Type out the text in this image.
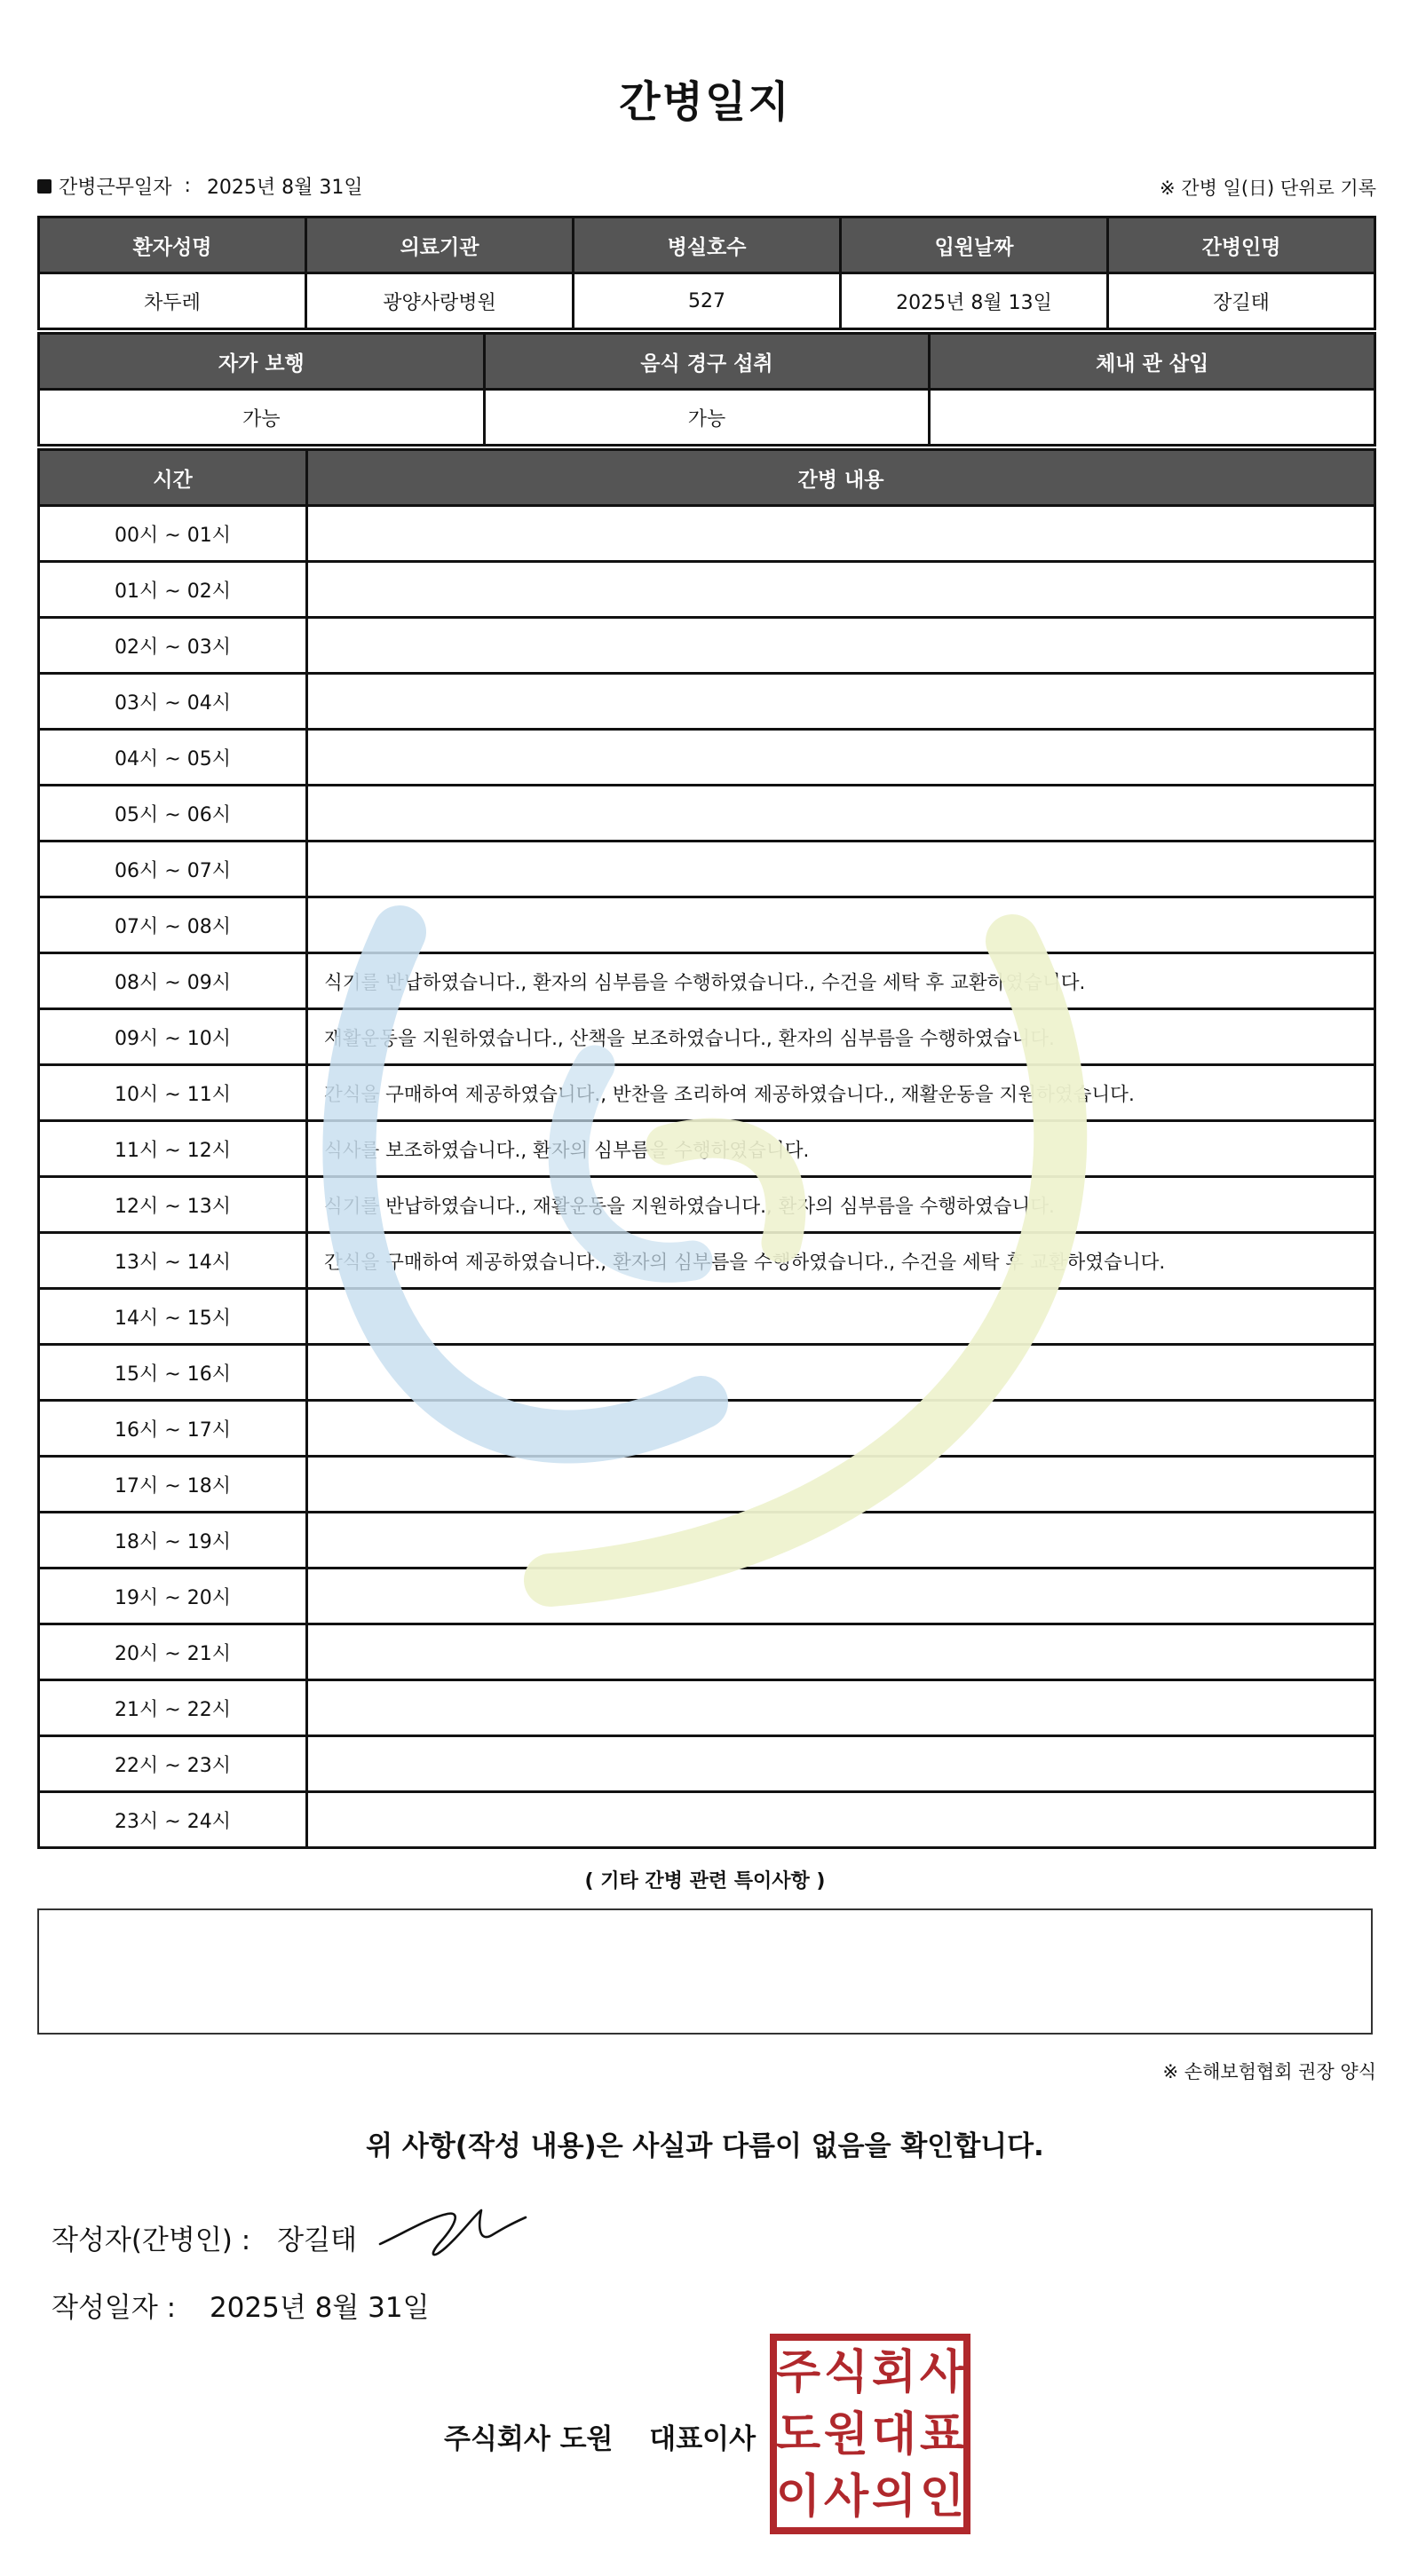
간병일지
간병근무일자 : 2025년 8월 31일	※ 간병 일(日) 단위로 기록
환자성명	의료기관	병실호수	입원날짜	간병인명
차두레	광양사랑병원	527	2025년 8월 13일	장길태
자가 보행	음식 경구 섭취	체내 관 삽입
가능	가능	
시간	간병 내용
00시 ~ 01시	
01시 ~ 02시	
02시 ~ 03시	
03시 ~ 04시	
04시 ~ 05시	
05시 ~ 06시	
06시 ~ 07시	
07시 ~ 08시	
08시 ~ 09시	식기를 반납하였습니다., 환자의 심부름을 수행하였습니다., 수건을 세탁 후 교환하였습니다.
09시 ~ 10시	재활운동을 지원하였습니다., 산책을 보조하였습니다., 환자의 심부름을 수행하였습니다.
10시 ~ 11시	간식을 구매하여 제공하였습니다., 반찬을 조리하여 제공하였습니다., 재활운동을 지원하였습니다.
11시 ~ 12시	식사를 보조하였습니다., 환자의 심부름을 수행하였습니다.
12시 ~ 13시	식기를 반납하였습니다., 재활운동을 지원하였습니다., 환자의 심부름을 수행하였습니다.
13시 ~ 14시	간식을 구매하여 제공하였습니다., 환자의 심부름을 수행하였습니다., 수건을 세탁 후 교환하였습니다.
14시 ~ 15시	
15시 ~ 16시	
16시 ~ 17시	
17시 ~ 18시	
18시 ~ 19시	
19시 ~ 20시	
20시 ~ 21시	
21시 ~ 22시	
22시 ~ 23시	
23시 ~ 24시	
( 기타 간병 관련 특이사항 )
※ 손해보험협회 권장 양식
위 사항(작성 내용)은 사실과 다름이 없음을 확인합니다.
작성자(간병인) : 장길태
작성일자 : 2025년 8월 31일
주식회사 도원 대표이사
주 식 회 사
도 원 대 표
이 사 의 인
